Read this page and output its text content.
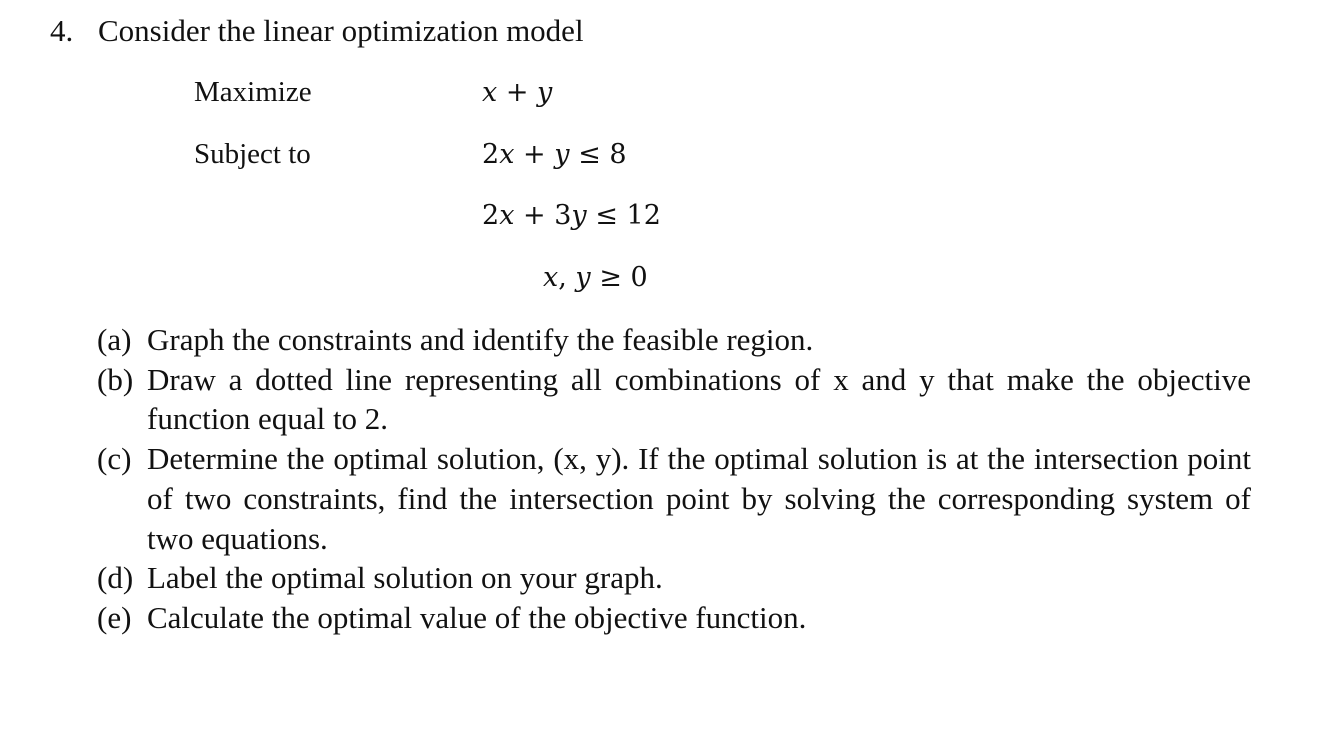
4. Consider the linear optimization model
Maximize	x + y
Subject to	2x + y ≤ 8
2x + 3y ≤ 12
x, y ≥ 0
(a) Graph the constraints and identify the feasible region.
(b) Draw a dotted line representing all combinations of x and y that make the objective function equal to 2.
(c) Determine the optimal solution, (x, y). If the optimal solution is at the intersection point of two constraints, find the intersection point by solving the corresponding system of two equations.
(d) Label the optimal solution on your graph.
(e) Calculate the optimal value of the objective function.
